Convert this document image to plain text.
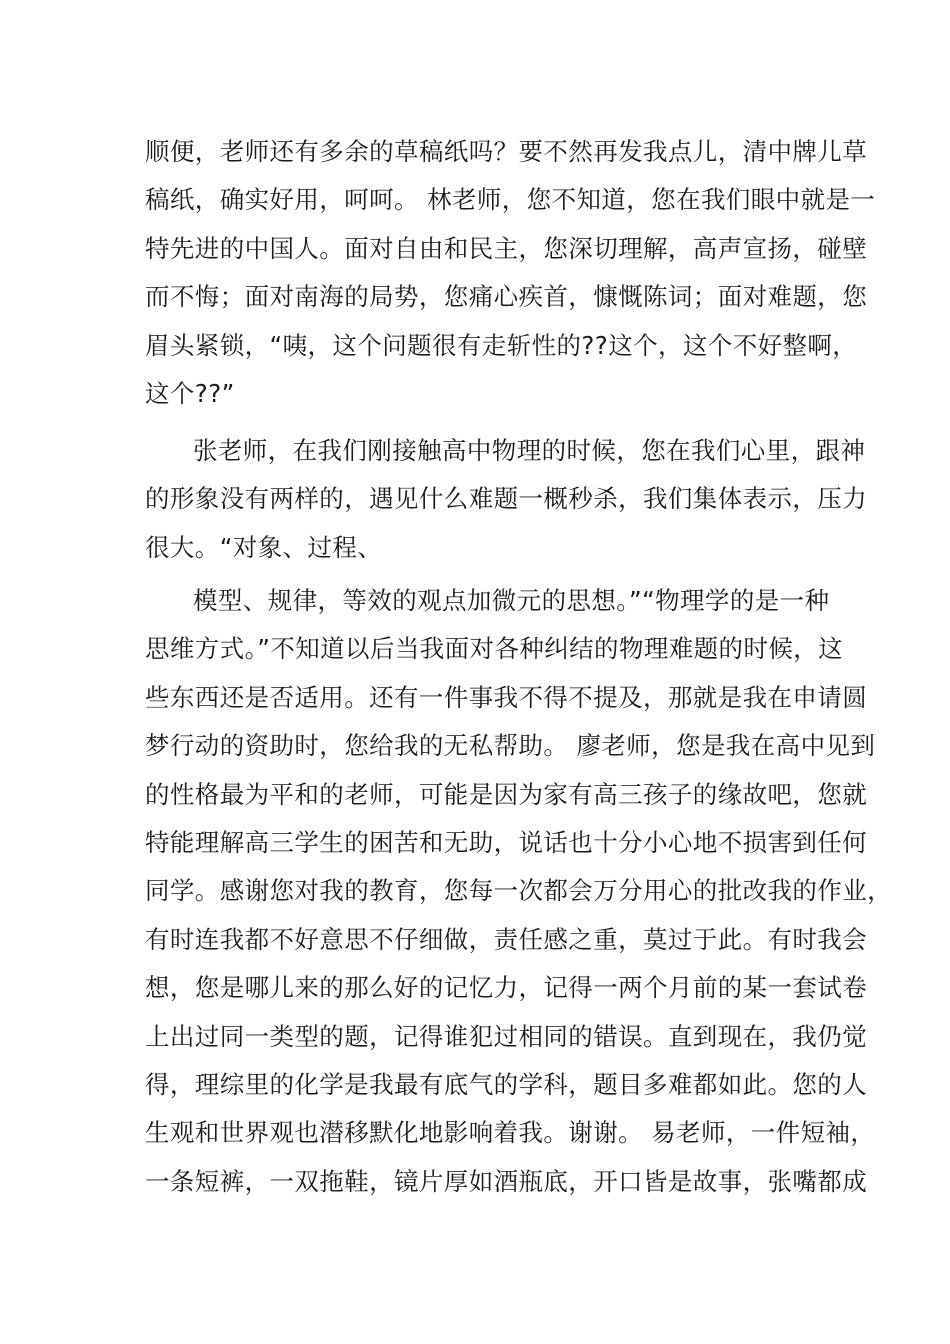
顺便，老师还有多余的草稿纸吗？要不然再发我点儿，清中牌儿草
稿纸，确实好用，呵呵。 林老师，您不知道，您在我们眼中就是一
特先进的中国人。面对自由和民主，您深切理解，高声宣扬，碰壁
而不悔；面对南海的局势，您痛心疾首，慷慨陈词；面对难题，您
眉头紧锁，“咦，这个问题很有走斩性的??这个，这个不好整啊，
这个??”
张老师，在我们刚接触高中物理的时候，您在我们心里，跟神
的形象没有两样的，遇见什么难题一概秒杀，我们集体表示，压力
很大。“对象、过程、
模型、规律，等效的观点加微元的思想。”“物理学的是一种
思维方式。”不知道以后当我面对各种纠结的物理难题的时候，这
些东西还是否适用。还有一件事我不得不提及，那就是我在申请圆
梦行动的资助时，您给我的无私帮助。 廖老师，您是我在高中见到
的性格最为平和的老师，可能是因为家有高三孩子的缘故吧，您就
特能理解高三学生的困苦和无助，说话也十分小心地不损害到任何
同学。感谢您对我的教育，您每一次都会万分用心的批改我的作业，
有时连我都不好意思不仔细做，责任感之重，莫过于此。有时我会
想，您是哪儿来的那么好的记忆力，记得一两个月前的某一套试卷
上出过同一类型的题，记得谁犯过相同的错误。直到现在，我仍觉
得，理综里的化学是我最有底气的学科，题目多难都如此。您的人
生观和世界观也潜移默化地影响着我。谢谢。 易老师，一件短袖，
一条短裤，一双拖鞋，镜片厚如酒瓶底，开口皆是故事，张嘴都成
